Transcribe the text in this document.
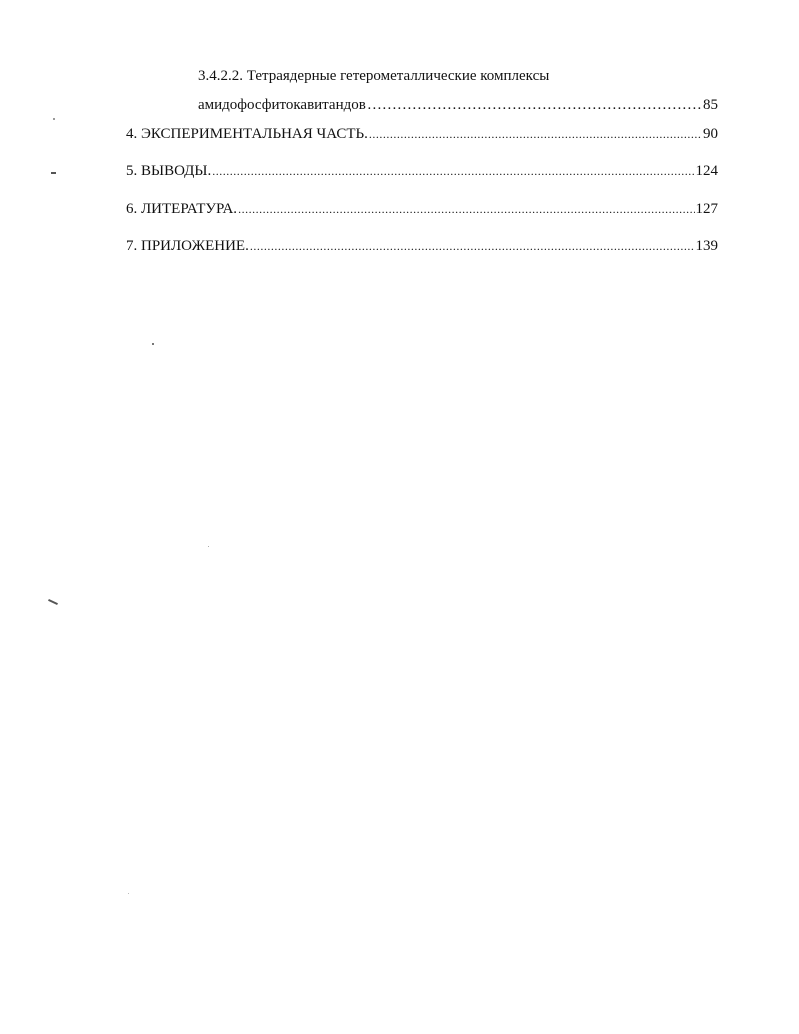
3.4.2.2. Тетраядерные гетерометаллические комплексы
амидофосфитокавитандов ……………………………………………………………………………………………………	85
4. ЭКСПЕРИМЕНТАЛЬНАЯ ЧАСТЬ. .....	90
5. ВЫВОДЫ. .....	124
6. ЛИТЕРАТУРА. .....	127
7. ПРИЛОЖЕНИЕ. .....	139
